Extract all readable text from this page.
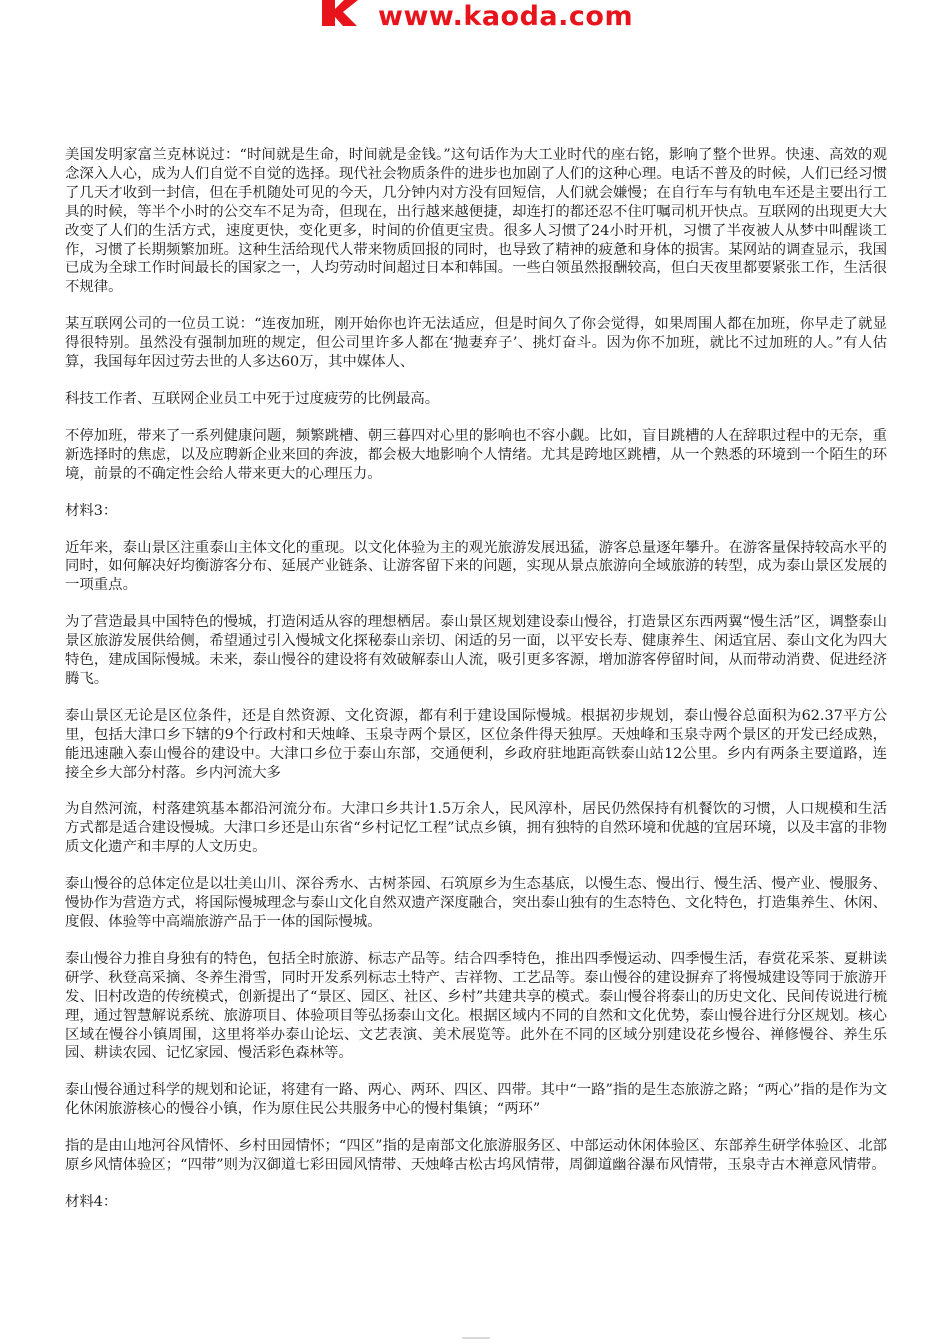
www.kaoda.com

美国发明家富兰克林说过：“时间就是生命，时间就是金钱。”这句话作为大工业时代的座右铭，影响了整个世界。快速、高效的观念深入人心，成为人们自觉不自觉的选择。现代社会物质条件的进步也加剧了人们的这种心理。电话不普及的时候，人们已经习惯了几天才收到一封信，但在手机随处可见的今天，几分钟内对方没有回短信，人们就会嫌慢；在自行车与有轨电车还是主要出行工具的时候，等半个小时的公交车不足为奇，但现在，出行越来越便捷，却连打的都还忍不住叮嘱司机开快点。互联网的出现更大大改变了人们的生活方式，速度更快，变化更多，时间的价值更宝贵。很多人习惯了24小时开机，习惯了半夜被人从梦中叫醒谈工作，习惯了长期频繁加班。这种生活给现代人带来物质回报的同时，也导致了精神的疲惫和身体的损害。某网站的调查显示，我国已成为全球工作时间最长的国家之一，人均劳动时间超过日本和韩国。一些白领虽然报酬较高，但白天夜里都要紧张工作，生活很不规律。

某互联网公司的一位员工说：“连夜加班，刚开始你也许无法适应，但是时间久了你会觉得，如果周围人都在加班，你早走了就显得很特别。虽然没有强制加班的规定，但公司里许多人都在‘抛妻弃子’、挑灯奋斗。因为你不加班，就比不过加班的人。”有人估算，我国每年因过劳去世的人多达60万，其中媒体人、

科技工作者、互联网企业员工中死于过度疲劳的比例最高。

不停加班，带来了一系列健康问题，频繁跳槽、朝三暮四对心里的影响也不容小觑。比如，盲目跳槽的人在辞职过程中的无奈，重新选择时的焦虑，以及应聘新企业来回的奔波，都会极大地影响个人情绪。尤其是跨地区跳槽，从一个熟悉的环境到一个陌生的环境，前景的不确定性会给人带来更大的心理压力。

材料3：

近年来，泰山景区注重泰山主体文化的重现。以文化体验为主的观光旅游发展迅猛，游客总量逐年攀升。在游客量保持较高水平的同时，如何解决好均衡游客分布、延展产业链条、让游客留下来的问题，实现从景点旅游向全域旅游的转型，成为泰山景区发展的一项重点。

为了营造最具中国特色的慢城，打造闲适从容的理想栖居。泰山景区规划建设泰山慢谷，打造景区东西两翼“慢生活”区，调整泰山景区旅游发展供给侧，希望通过引入慢城文化探秘泰山亲切、闲适的另一面，以平安长寿、健康养生、闲适宜居、泰山文化为四大特色，建成国际慢城。未来，泰山慢谷的建设将有效破解泰山人流，吸引更多客源，增加游客停留时间，从而带动消费、促进经济腾飞。

泰山景区无论是区位条件，还是自然资源、文化资源，都有利于建设国际慢城。根据初步规划，泰山慢谷总面积为62.37平方公里，包括大津口乡下辖的9个行政村和天烛峰、玉泉寺两个景区，区位条件得天独厚。天烛峰和玉泉寺两个景区的开发已经成熟，能迅速融入泰山慢谷的建设中。大津口乡位于泰山东部，交通便利，乡政府驻地距高铁泰山站12公里。乡内有两条主要道路，连接全乡大部分村落。乡内河流大多

为自然河流，村落建筑基本都沿河流分布。大津口乡共计1.5万余人，民风淳朴，居民仍然保持有机餐饮的习惯，人口规模和生活方式都是适合建设慢城。大津口乡还是山东省“乡村记忆工程”试点乡镇，拥有独特的自然环境和优越的宜居环境，以及丰富的非物质文化遗产和丰厚的人文历史。

泰山慢谷的总体定位是以壮美山川、深谷秀水、古树茶园、石筑原乡为生态基底，以慢生态、慢出行、慢生活、慢产业、慢服务、慢协作为营造方式，将国际慢城理念与泰山文化自然双遗产深度融合，突出泰山独有的生态特色、文化特色，打造集养生、休闲、度假、体验等中高端旅游产品于一体的国际慢城。

泰山慢谷力推自身独有的特色，包括全时旅游、标志产品等。结合四季特色，推出四季慢运动、四季慢生活，春赏花采茶、夏耕读研学、秋登高采摘、冬养生滑雪，同时开发系列标志土特产、吉祥物、工艺品等。泰山慢谷的建设摒弃了将慢城建设等同于旅游开发、旧村改造的传统模式，创新提出了“景区、园区、社区、乡村”共建共享的模式。泰山慢谷将泰山的历史文化、民间传说进行梳理，通过智慧解说系统、旅游项目、体验项目等弘扬泰山文化。根据区域内不同的自然和文化优势，泰山慢谷进行分区规划。核心区域在慢谷小镇周围，这里将举办泰山论坛、文艺表演、美术展览等。此外在不同的区域分别建设花乡慢谷、禅修慢谷、养生乐园、耕读农园、记忆家园、慢活彩色森林等。

泰山慢谷通过科学的规划和论证，将建有一路、两心、两环、四区、四带。其中“一路”指的是生态旅游之路；“两心”指的是作为文化休闲旅游核心的慢谷小镇，作为原住民公共服务中心的慢村集镇；“两环”

指的是由山地河谷风情怀、乡村田园情怀；“四区”指的是南部文化旅游服务区、中部运动休闲体验区、东部养生研学体验区、北部原乡风情体验区；“四带”则为汉御道七彩田园风情带、天烛峰古松古坞风情带，周御道幽谷瀑布风情带，玉泉寺古木禅意风情带。

材料4：
